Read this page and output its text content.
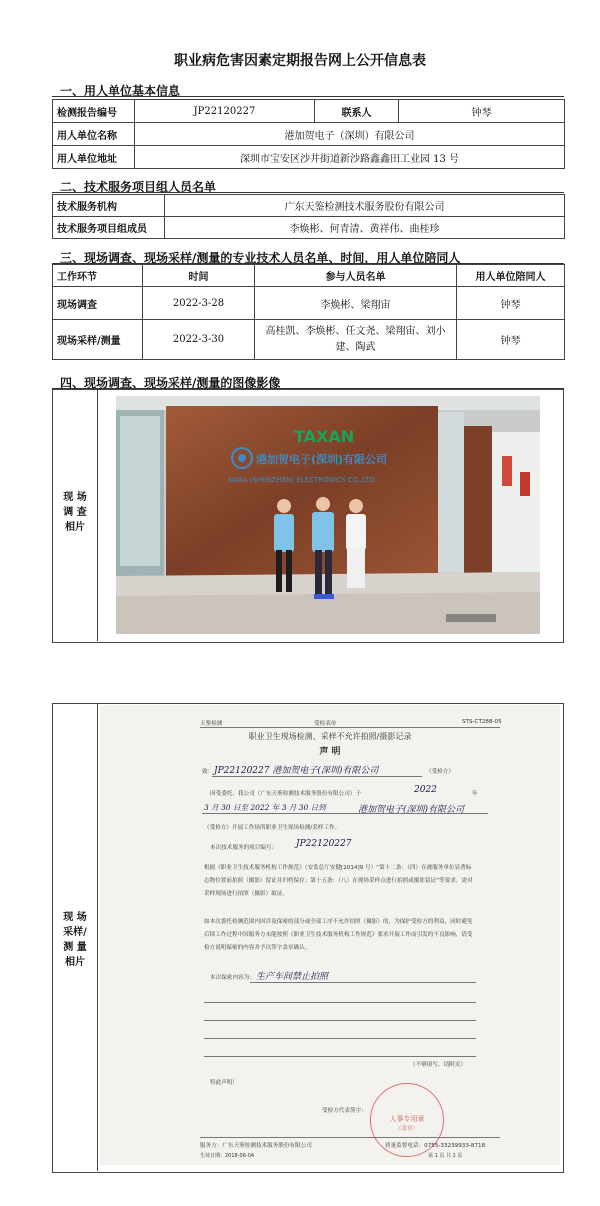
职业病危害因素定期报告网上公开信息表
一、用人单位基本信息
检测报告编号	JP22120227	联系人	钟琴
用人单位名称	港加贺电子（深圳）有限公司		
用人单位地址	深圳市宝安区沙井街道新沙路鑫鑫田工业园 13 号		
二、技术服务项目组人员名单
技术服务机构	广东天鉴检测技术服务股份有限公司
技术服务项目组成员	李焕彬、何青清、黄祥伟、曲桂珍
三、现场调查、现场采样/测量的专业技术人员名单、时间，用人单位陪同人
工作环节	时间	参与人员名单	用人单位陪同人
现场调查	2022-3-28	李焕彬、梁翔宙	钟琴
现场采样/测量	2022-3-30	高桂凯、李焕彬、任文尧、梁翔宙、刘小建、陶武	钟琴
四、现场调查、现场采样/测量的图像影像
现 场
调 查
相片
TAXAN
港加贺电子(深圳)有限公司
KAGA (SHENZHEN) ELECTRONICS CO.,LTD.
现 场
采样/
测 量
相片
天鉴检测	受检表单	STS-CT288-05
职业卫生现场检测、采样不允许拍照/摄影记录
声 明
致： JP22120227 港加贺电子(深圳)有限公司	（受检方）
因受委托，我公司（广东天鉴检测技术服务股份有限公司）于	2022	年
3 月 30 日至 2022 年 3 月 30 日到	港加贺电子(深圳)有限公司
（受检方）开展工作场所职业卫生现场检测/采样工作。
本次技术服务的项目编号： JP22120227
根据《职业卫生技术服务机构工作规范》（安监总厅安健[2014]9 号）“第十二条：（四）在被服务单位显著标志物位置前拍照（摄影）留证并归档保存；第十五条：（八）在现场采样点进行拍照或摄影留证”等要求，需对采样现场进行拍照（摄影）取证。
如本次委托检测范围内因涉及保密的部分或全部工序不允许拍照（摄影）的，为保护受检方的利益，同时避免后续工作过程中因服务方未能按照《职业卫生技术服务机构工作规范》要求开展工作而引发的不良影响，请受检方说明保密的内容并予以签字盖章确认。
本次保密内容为： 生产车间禁止拍照
（不够填写，请附页）
特此声明！
受检方代表签字：
人事专用章
（盖章）
服务方：广东天鉴检测技术服务股份有限公司	质量监督电话：0755-33239933-8718
生效日期：2018-06-04	第 1 页 共 1 页
